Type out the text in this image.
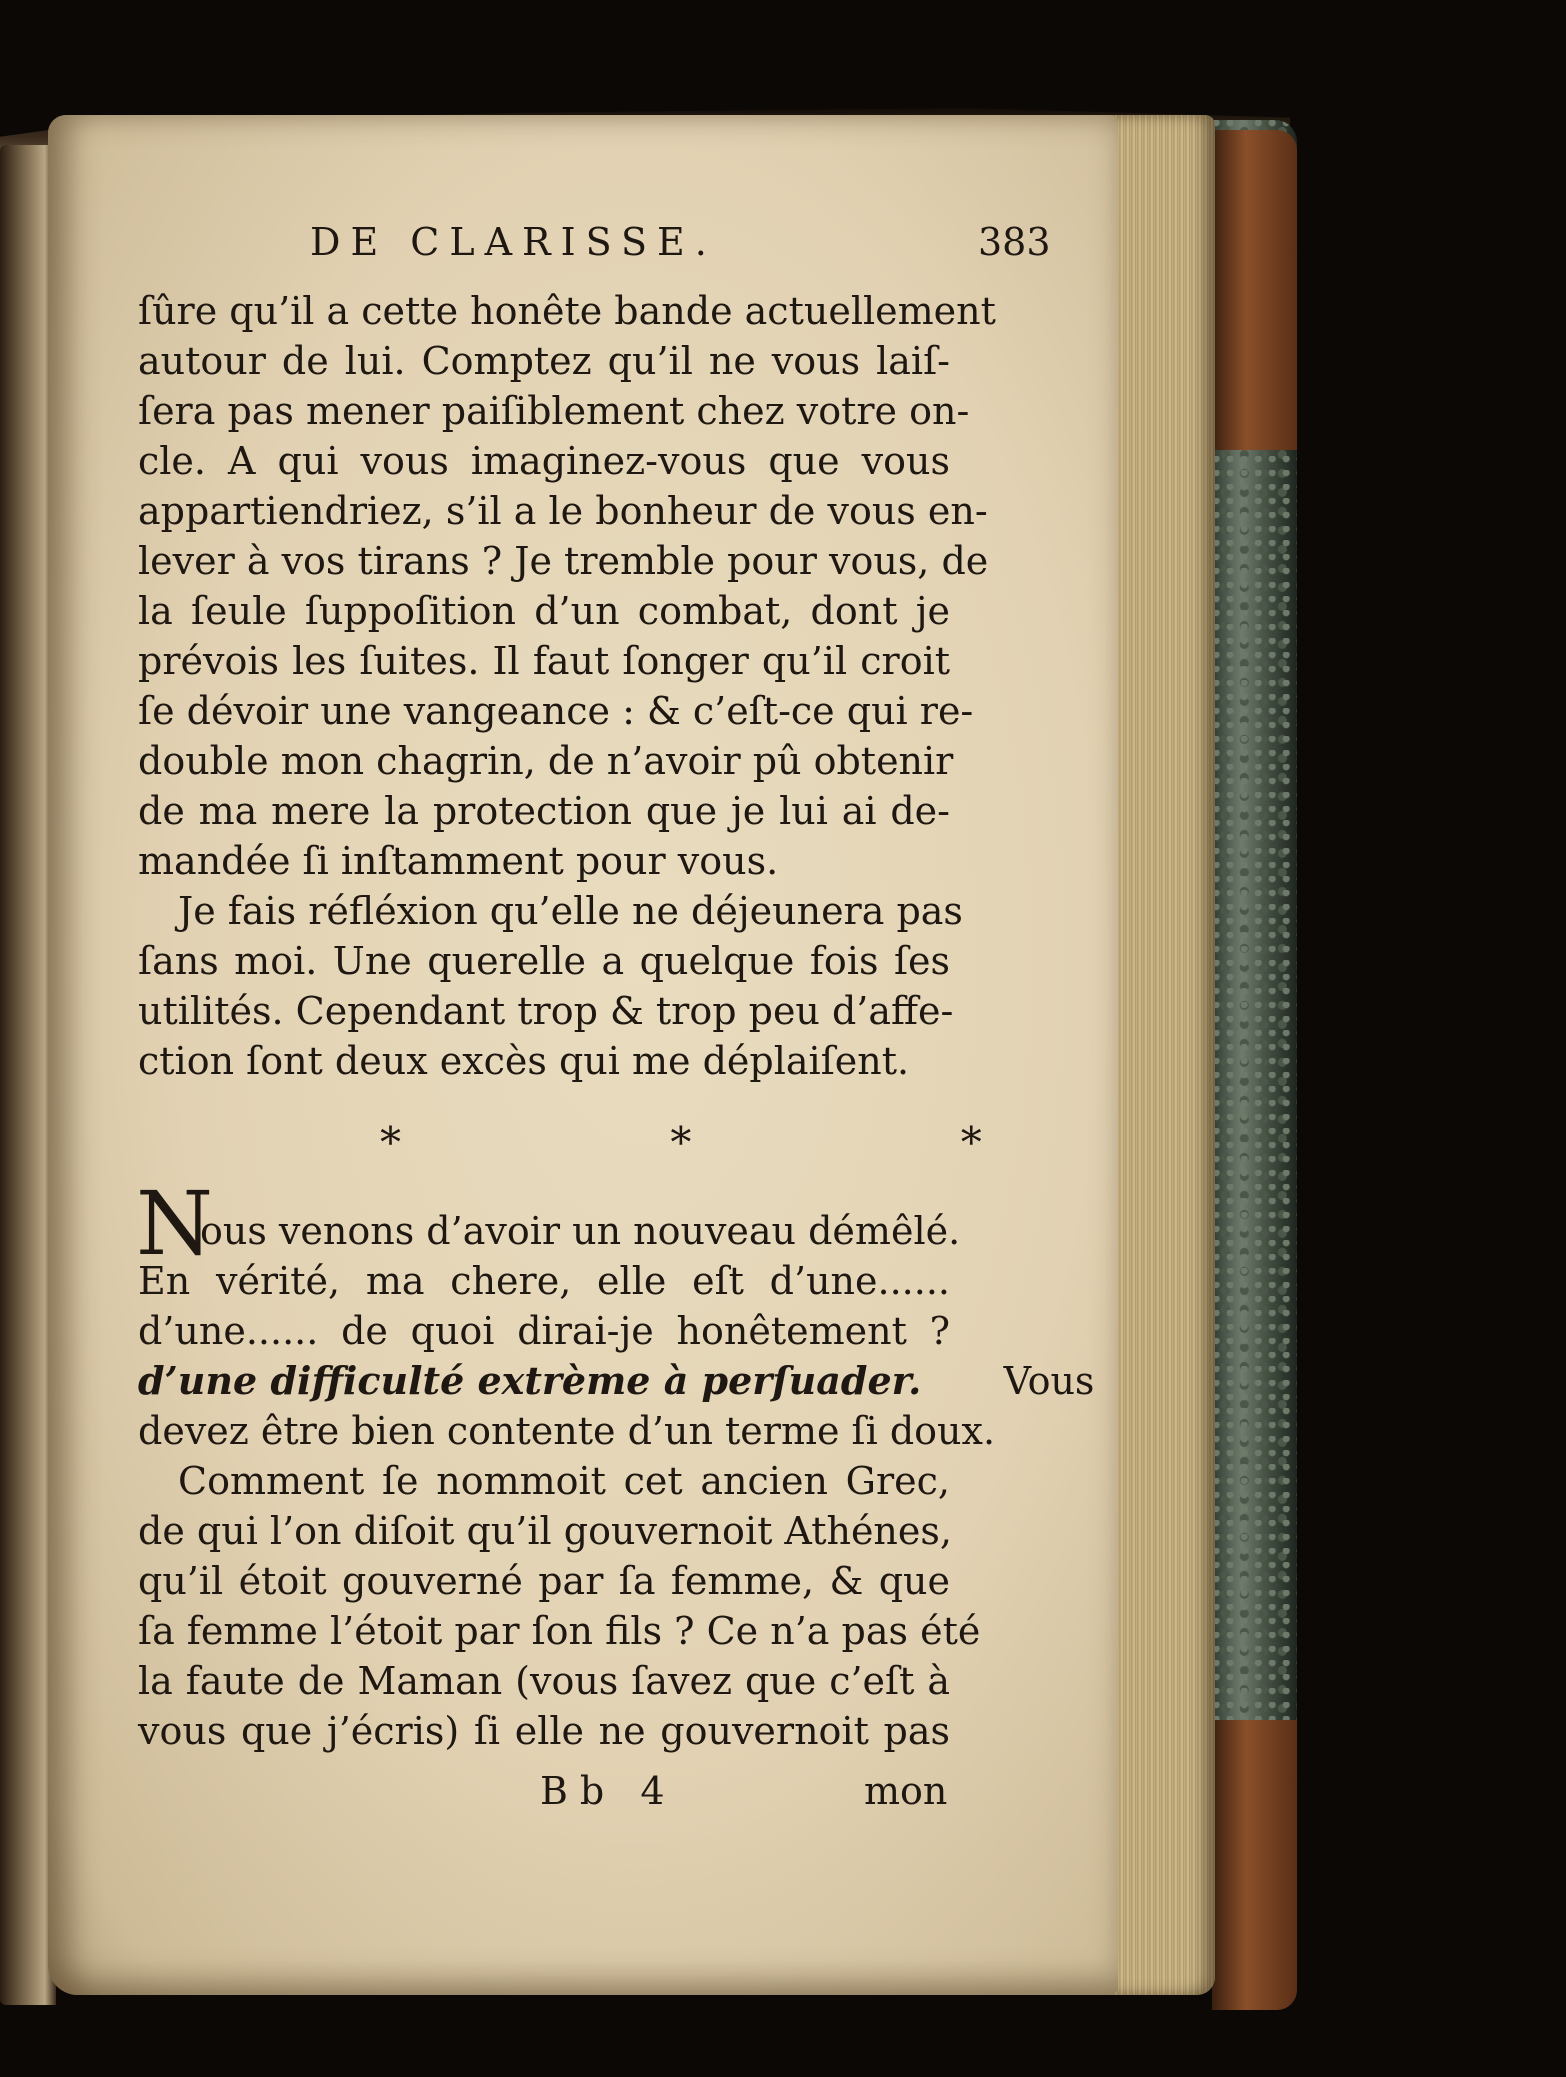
DE CLARISSE.	383

ſûre qu’il a cette honête bande actuellement

autour de lui. Comptez qu’il ne vous laiſ-

ſera pas mener paiſiblement chez votre on-

cle. A qui vous imaginez-vous que vous

appartiendriez, s’il a le bonheur de vous en-

lever à vos tirans ? Je tremble pour vous, de

la ſeule ſuppoſition d’un combat, dont je

prévois les ſuites. Il faut ſonger qu’il croit

ſe dévoir une vangeance : & c’eſt-ce qui re-

double mon chagrin, de n’avoir pû obtenir

de ma mere la protection que je lui ai de-

mandée ſi inſtamment pour vous.

Je fais réfléxion qu’elle ne déjeunera pas

ſans moi. Une querelle a quelque fois ſes

utilités. Cependant trop & trop peu d’affe-

ction ſont deux excès qui me déplaiſent.

* * *

N

ous venons d’avoir un nouveau démêlé.

En vérité, ma chere, elle eſt d’une......

d’une...... de quoi dirai-je honêtement ?

d’une difficulté extrème à perſuader. Vous

devez être bien contente d’un terme ſi doux.

Comment ſe nommoit cet ancien Grec,

de qui l’on diſoit qu’il gouvernoit Athénes,

qu’il étoit gouverné par ſa femme, & que

ſa femme l’étoit par ſon fils ? Ce n’a pas été

la faute de Maman (vous ſavez que c’eſt à

vous que j’écris) ſi elle ne gouvernoit pas

Bb 4	mon
